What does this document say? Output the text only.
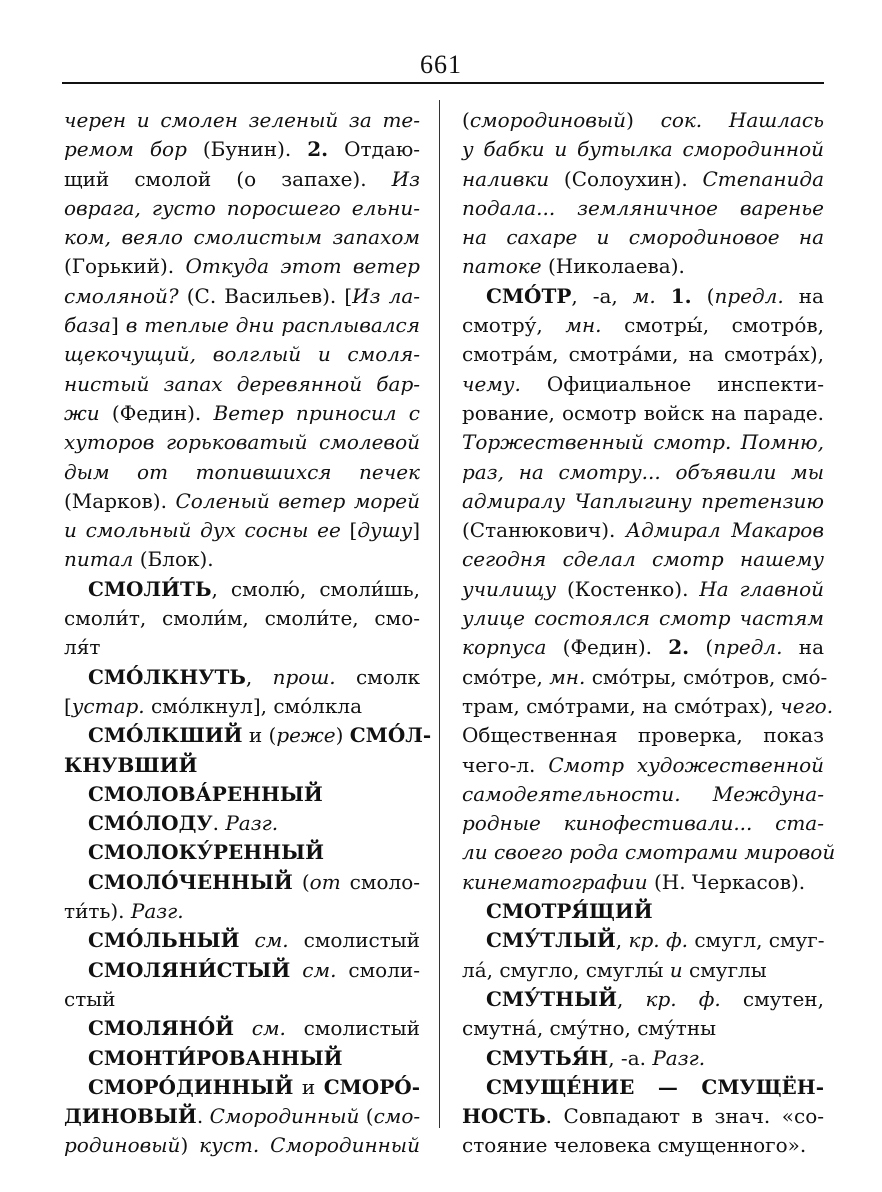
661
черен и смолен зеленый за те-
ремом бор (Бунин). 2. Отдаю-
щий смолой (о запахе). Из
оврага, густо поросшего ельни-
ком, веяло смолистым запахом
(Горький). Откуда этот ветер
смоляной? (С. Васильев). [Из ла-
база] в теплые дни расплывался
щекочущий, волглый и смоля-
нистый запах деревянной бар-
жи (Федин). Ветер приносил с
хуторов горьковатый смолевой
дым от топившихся печек
(Марков). Соленый ветер морей
и смольный дух сосны ее [душу]
питал (Блок).
СМОЛИ́ТЬ, смолю́, смоли́шь,
смоли́т, смоли́м, смоли́те, смо-
ля́т
СМО́ЛКНУТЬ, прош. смолк
[устар. смо́лкнул], смо́лкла
СМО́ЛКШИЙ и (реже) СМО́Л-
КНУВШИЙ
СМОЛОВА́РЕННЫЙ
СМО́ЛОДУ. Разг.
СМОЛОКУ́РЕННЫЙ
СМОЛО́ЧЕННЫЙ (от смоло-
ти́ть). Разг.
СМО́ЛЬНЫЙ см. смолистый
СМОЛЯНИ́СТЫЙ см. смоли-
стый
СМОЛЯНО́Й см. смолистый
СМОНТИ́РОВАННЫЙ
СМОРО́ДИННЫЙ и СМОРО́-
ДИНОВЫЙ. Смородинный (смо-
родиновый) куст. Смородинный
(смородиновый) сок. Нашлась
у бабки и бутылка смородинной
наливки (Солоухин). Степанида
подала... земляничное варенье
на сахаре и смородиновое на
патоке (Николаева).
СМО́ТР, -а, м. 1. (предл. на
смотру́, мн. смотры́, смотро́в,
смотра́м, смотра́ми, на смотра́х),
чему. Официальное инспекти-
рование, осмотр войск на параде.
Торжественный смотр. Помню,
раз, на смотру... объявили мы
адмиралу Чаплыгину претензию
(Станюкович). Адмирал Макаров
сегодня сделал смотр нашему
училищу (Костенко). На главной
улице состоялся смотр частям
корпуса (Федин). 2. (предл. на
смо́тре, мн. смо́тры, смо́тров, смо́-
трам, смо́трами, на смо́трах), чего.
Общественная проверка, показ
чего-л. Смотр художественной
самодеятельности. Междуна-
родные кинофестивали... ста-
ли своего рода смотрами мировой
кинематографии (Н. Черкасов).
СМОТРЯ́ЩИЙ
СМУ́ТЛЫЙ, кр. ф. смугл, смуг-
ла́, смугло, смуглы́ и смуглы
СМУ́ТНЫЙ, кр. ф. смутен,
смутна́, сму́тно, сму́тны
СМУТЬЯ́Н, -а. Разг.
СМУЩЕ́НИЕ — СМУЩЁН-
НОСТЬ. Совпадают в знач. «со-
стояние человека смущенного».
